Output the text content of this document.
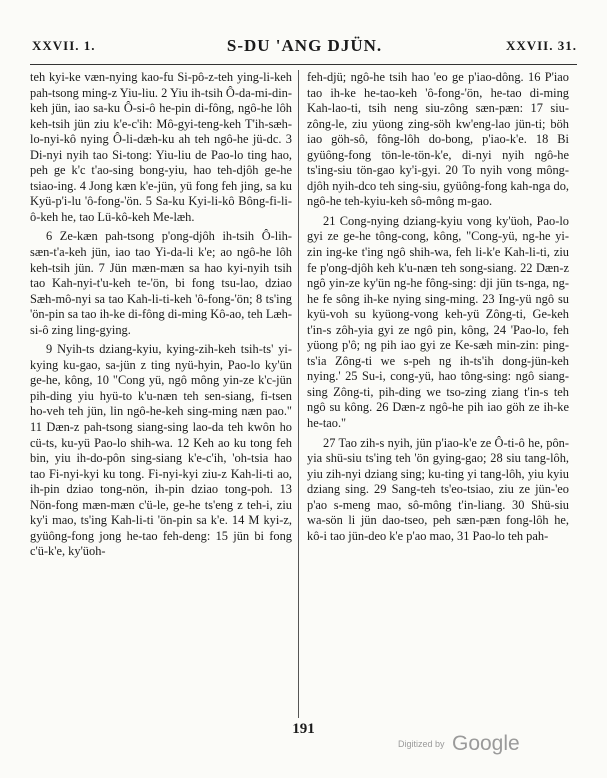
XXVII. 1.	S-DU 'ANG DJÜN.	XXVII. 31.

teh kyi-ke væn-nying kao-fu Si-pô-z-teh ying-li-keh pah-tsong ming-z Yiu-liu. 2 Yiu ih-tsih Ô-da-mi-din-keh jün, iao sa-ku Ô-si-ô he-pin di-fông, ngô-he lôh keh-tsih jün ziu k'e-c'ih: Mô-gyi-teng-keh T'ih-sæh-lo-nyi-kô nying Ô-li-dæh-ku ah teh ngô-he jü-dc. 3 Di-nyi nyih tao Si-tong: Yiu-liu de Pao-lo ting hao, peh ge k'c t'ao-sing bong-yiu, hao teh-djôh ge-he tsiao-ing. 4 Jong kæn k'e-jün, yü fong feh jing, sa ku Kyü-p'i-lu 'ô-fong-'ön. 5 Sa-ku Kyi-li-kô Bông-fi-li-ô-keh he, tao Lü-kô-keh Me-læh.

6 Ze-kæn pah-tsong p'ong-djôh ih-tsih Ô-lih-sæn-t'a-keh jün, iao tao Yi-da-li k'e; ao ngô-he lôh keh-tsih jün. 7 Jün mæn-mæn sa hao kyi-nyih tsih tao Kah-nyi-t'u-keh te-'ön, bi fong tsu-lao, dziao Sæh-mô-nyi sa tao Kah-li-ti-keh 'ô-fong-'ön; 8 ts'ing 'ön-pin sa tao ih-ke di-fông di-ming Kô-ao, teh Læh-si-ô zing ling-gying.

9 Nyih-ts dziang-kyiu, kying-zih-keh tsih-ts' yi-kying ku-gao, sa-jün z ting nyü-hyin, Pao-lo ky'ün ge-he, kông, 10 "Cong yü, ngô mông yin-ze k'c-jün pih-ding yiu hyü-to k'u-næn teh sen-siang, fi-tsen ho-veh teh jün, lin ngô-he-keh sing-ming næn pao." 11 Dæn-z pah-tsong siang-sing lao-da teh kwôn ho cü-ts, ku-yü Pao-lo shih-wa. 12 Keh ao ku tong feh bin, yiu ih-do-pôn sing-siang k'e-c'ih, 'oh-tsia hao tao Fi-nyi-kyi ku tong. Fi-nyi-kyi ziu-z Kah-li-ti ao, ih-pin dziao tong-nön, ih-pin dziao tong-poh. 13 Nön-fong mæn-mæn c'ü-le, ge-he ts'eng z teh-i, ziu ky'i mao, ts'ing Kah-li-ti 'ön-pin sa k'e. 14 M kyi-z, gyüông-fong jong he-tao feh-deng: 15 jün bi fong c'ü-k'e, ky'üoh-

feh-djü; ngô-he tsih hao 'eo ge p'iao-dông. 16 P'iao tao ih-ke he-tao-keh 'ô-fong-'ön, he-tao di-ming Kah-lao-ti, tsih neng siu-zông sæn-pæn: 17 siu-zông-le, ziu yüong zing-söh kw'eng-lao jün-ti; böh iao göh-sô, fông-lôh do-bong, p'iao-k'e. 18 Bi gyüông-fong tön-le-tön-k'e, di-nyi nyih ngô-he ts'ing-siu tön-gao ky'i-gyi. 20 To nyih vong mông-djôh nyih-dco teh sing-siu, gyüông-fong kah-nga do, ngô-he teh-kyiu-keh sô-mông m-gao.

21 Cong-nying dziang-kyiu vong ky'üoh, Pao-lo gyi ze ge-he tông-cong, kông, "Cong-yü, ng-he yi-zin ing-ke t'ing ngô shih-wa, feh li-k'e Kah-li-ti, ziu fe p'ong-djôh keh k'u-næn teh song-siang. 22 Dæn-z ngô yin-ze ky'ün ng-he fông-sing: dji jün ts-nga, ng-he fe sông ih-ke nying sing-ming. 23 Ing-yü ngô su kyü-voh su kyüong-vong keh-yü Zông-ti, Ge-keh t'in-s zôh-yia gyi ze ngô pin, kông, 24 'Pao-lo, feh yüong p'ô; ng pih iao gyi ze Ke-sæh min-zin: ping-ts'ia Zông-ti we s-peh ng ih-ts'ih dong-jün-keh nying.' 25 Su-i, cong-yü, hao tông-sing: ngô siang-sing Zông-ti, pih-ding we tso-zing ziang t'in-s teh ngô su kông. 26 Dæn-z ngô-he pih iao göh ze ih-ke he-tao."

27 Tao zih-s nyih, jün p'iao-k'e ze Ô-ti-ô he, pôn-yia shü-siu ts'ing teh 'ön gying-gao; 28 siu tang-lôh, yiu zih-nyi dziang sing; ku-ting yi tang-lôh, yiu kyiu dziang sing. 29 Sang-teh ts'eo-tsiao, ziu ze jün-'eo p'ao s-meng mao, sô-mông t'in-liang. 30 Shü-siu wa-sön li jün dao-tseo, peh sæn-pæn fong-lôh he, kô-i tao jün-deo k'e p'ao mao, 31 Pao-lo teh pah-

191
Digitized by Google
